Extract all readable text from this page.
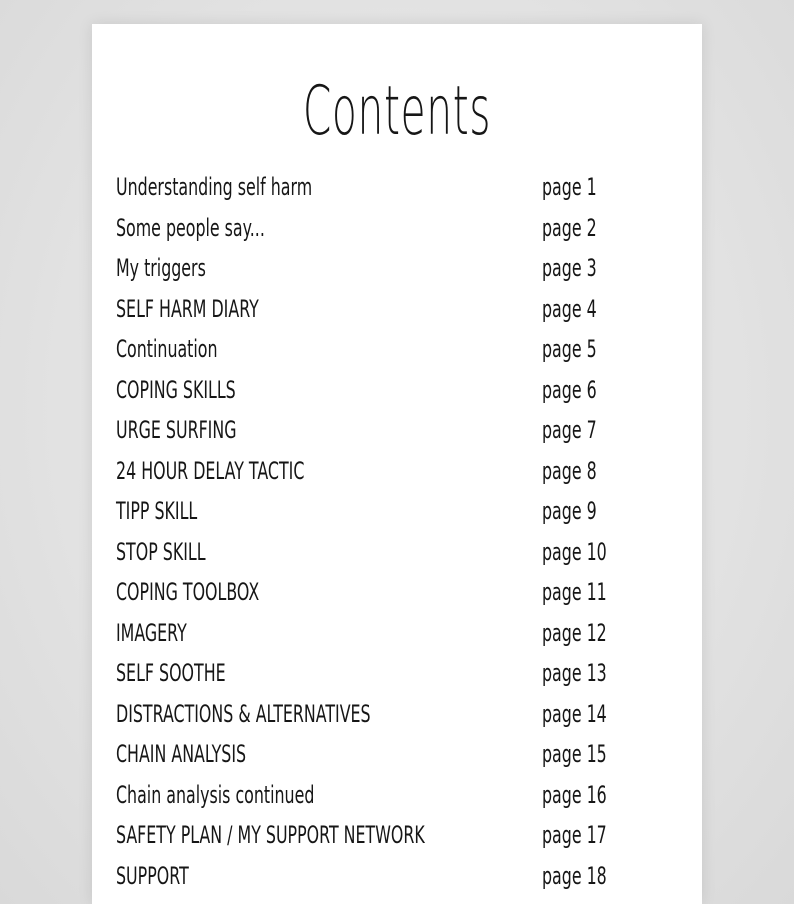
Contents
Understanding self harm	page 1
Some people say...	page 2
My triggers	page 3
SELF HARM DIARY	page 4
Continuation	page 5
COPING SKILLS	page 6
URGE SURFING	page 7
24 HOUR DELAY TACTIC	page 8
TIPP SKILL	page 9
STOP SKILL	page 10
COPING TOOLBOX	page 11
IMAGERY	page 12
SELF SOOTHE	page 13
DISTRACTIONS & ALTERNATIVES	page 14
CHAIN ANALYSIS	page 15
Chain analysis continued	page 16
SAFETY PLAN / MY SUPPORT NETWORK	page 17
SUPPORT	page 18
